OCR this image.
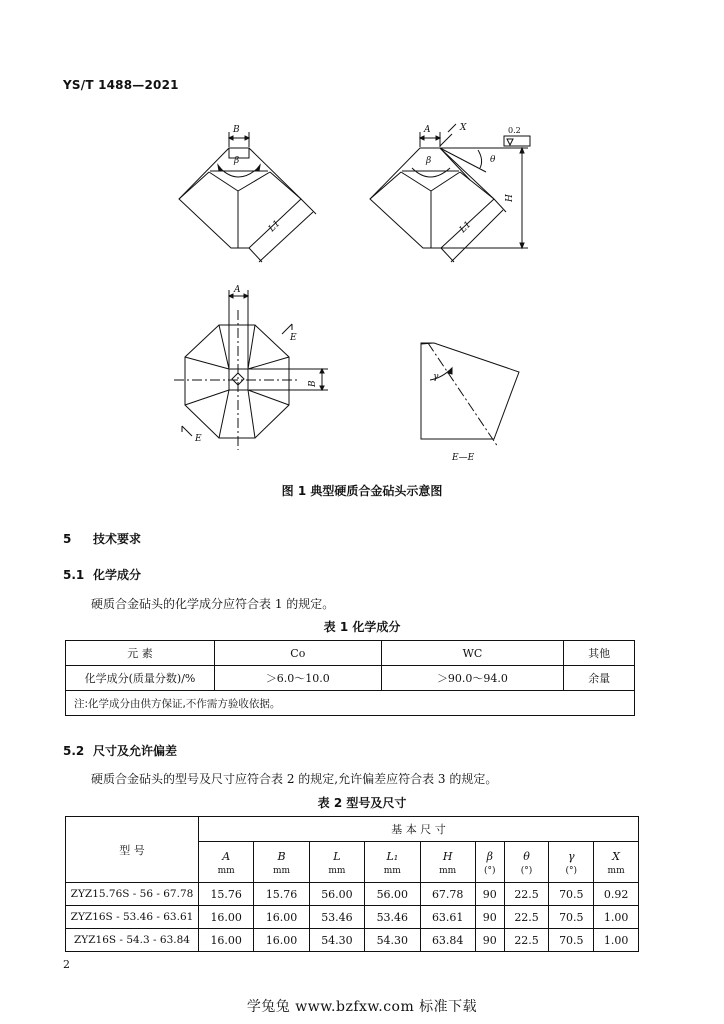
YS/T 1488—2021
B
β
L1
A	X	0.2
β	θ
H
L1
A
B
E
E
γ
E—E
图 1 典型硬质合金砧头示意图
5 技术要求
5.1 化学成分
硬质合金砧头的化学成分应符合表 1 的规定。
表 1 化学成分
元 素	Co	WC	其他
化学成分(质量分数)/%	＞6.0～10.0	＞90.0～94.0	余量
注:化学成分由供方保证,不作需方验收依据。			
5.2 尺寸及允许偏差
硬质合金砧头的型号及尺寸应符合表 2 的规定,允许偏差应符合表 3 的规定。
表 2 型号及尺寸
型 号	基 本 尺 寸								
	A	B	L	L₁	H	β	θ	γ	X
	mm	mm	mm	mm	mm	(°)	(°)	(°)	mm
ZYZ15.76S - 56 - 67.78	15.76	15.76	56.00	56.00	67.78	90	22.5	70.5	0.92
ZYZ16S - 53.46 - 63.61	16.00	16.00	53.46	53.46	63.61	90	22.5	70.5	1.00
ZYZ16S - 54.3 - 63.84	16.00	16.00	54.30	54.30	63.84	90	22.5	70.5	1.00
2
学兔兔 www.bzfxw.com 标准下载
